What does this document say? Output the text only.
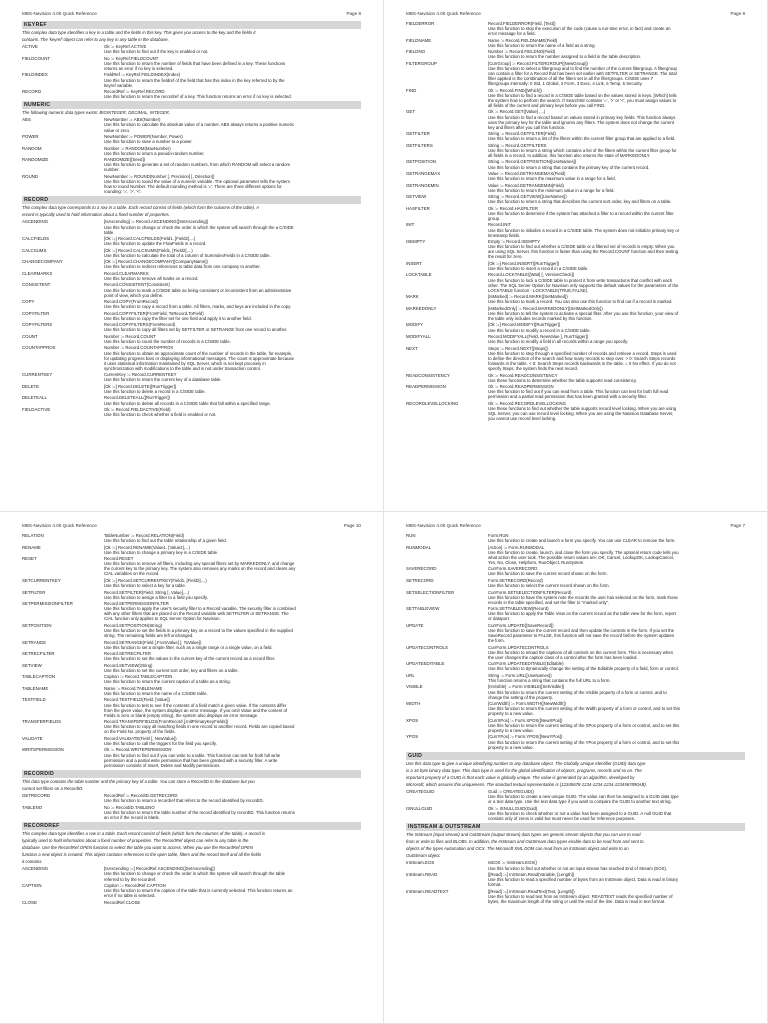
MBS-Navision 4.00 Quick Reference	Page 8
KEYREF
This complex data type identifies a key in a table and the fields in this key. This gives you access to the key and the fields it
contains. The 'keyref' object can refer to any key in any table in the database.
ACTIVE	Ok := KeyRef.ACTIVE
Use this function to find out if the key is enabled or not.
FIELDCOUNT	No := KeyRef.FIELDCOUNT
Use this function to return the number of fields that have been defined in a key. These functions
returns an error if no key is selected.
FIELDINDEX	FieldRef := KeyRef.FIELDINDEX(Index)
Use this function to return the fieldref of the field that has this index in the key referred to by the
keyref variable.
RECORD	RecordRef := KeyRef.RECORD
Use this function to return the recordref of a key. This function returns an error if no key is selected.
NUMERIC
The following numeric data types exists: BIGINTEGER, DECIMAL, INTEGER.
ABS	NewNumber := ABS(Number)
Use this function to calculate the absolute value of a number. ABS always returns a positive numeric
value or zero.
POWER	NewNumber := POWER(Number, Power)
Use this function to raise a number to a power.
RANDOM	Number := RANDOM(MaxNumber)
Use this function to return a pseudo-random number.
RANDOMIZE	RANDOMIZE([Seed])
Use this function to generate a set of random numbers, from which RANDOM will select a random
number.
ROUND	NewNumber := ROUND(Number [, Precision] [, Direction])
Use this function to round the value of a numeric variable. The optional parameter tells the system
how to round Number. The default rounding method is '='. There are three different options for
rounding: '=', '>', '<'.
RECORD
This complex data type corresponds to a row in a table. Each record consist of fields (which form the columns of the table). A
record is typically used to hold information about a fixed number of properties.
ASCENDING	[IsAscending] := Record.ASCENDING([SetAscending])
Use this function to change or check the order in which the system will search through the a C/SIDE
table.
CALCFIELDS	[Ok :=] Record.CALCFIELDS(Field1, [Field2],...)
Use this function to update the FlowFields in a record.
CALCSUMS	[Ok :=] Record.CALCSUMS(Field1, [Field2],...)
Use this function to calculate the total of a column of SumIndexFields in a C/SIDE table.
CHANGECOMPANY	[Ok :=] Record.CHANGECOMPANY([CompanyName])
Use this function to redirect references to table data from one company to another.
CLEARMARKS	Record.CLEARMARKS
Use this function to remove all marks on a record.
CONSISTENT	Record.CONSISTENT(Consistent)
Use this function to mark a C/SIDE table as being consistent or inconsistent from an administrative
point of view, which you define.
COPY	Record.COPY(FromRecord)
Use this function to copy a record from a table. All filters, marks, and keys are included in the copy.
COPYFILTER	Record.COPYFILTER(FromField, ToRecord.ToField)
Use this function to copy the filter set for one field and apply it to another field.
COPYFILTERS	Record.COPYFILTERS(FromRecord)
Use this function to copy all filters set by SETFILTER or SETRANGE from one record to another.
COUNT	Number := Record.COUNT
Use this function to count the number of records in a C/SIDE table.
COUNTAPPROX	Number := Record.COUNTAPPROX
Use this function to obtain an approximate count of the number of records in the table, for example,
for updating progress bars or displaying informational messages. The count is approximate because
it uses statistical information maintained by SQL Server, which is not kept precisely in
synchronization with modifications to the table and is not under transaction control.
CURRENTKEY	CurrentKey := Record.CURRENTKEY
Use this function to return the current key of a database table.
DELETE	[Ok :=] Record.DELETE([RunTrigger])
Use this function to delete a record in a C/SIDE table.
DELETEALL	Record.DELETEALL([RunTrigger])
Use this function to delete all records in a C/SIDE table that fall within a specified range.
FIELDACTIVE	Ok := Record.FIELDACTIVE(Field)
Use this function to check whether a field is enabled or not.
MBS-Navision 4.00 Quick Reference	Page 9
FIELDERROR	Record.FIELDERROR(Field, [Text])
Use this function to stop the execution of the code (cause a run-time error, in fact) and create an
error message for a field.
FIELDNAME	Name := Record.FIELDNAME(Field)
Use this function to return the name of a field as a string.
FIELDNO	Number := Record.FIELDNO(Field)
Use this function to return the number assigned to a field in the table description.
FILTERGROUP	[CurrGroup] := Record.FILTERGROUP([NewGroup])
Use this function to select a filtergroup and to find the number of the current filtergroup. A filtergroup
can contain a filter for a Record that has been set earlier with SETFILTER or SETRANGE. The total
filter applied is the combination of all the filters set in all the filtergroups. C/SIDE uses 7
filtergroups internally: 0 Std, 1 Global, 2 Form, 3 Exec, 4 Link, 5 Temp, 6 Security.
FIND	Ok := Record.FIND([Which])
Use this function to find a record in a C/SIDE table based on the values stored in keys. [Which] tells
the system how to perform the search. If SearchStr contains '=', '>' or '<', you must assign values to
all fields of the current and primary keys before you call FIND.
GET	Ok := Record.GET([Value] ,...)
Use this function to find a record based on values stored in primary key fields. This function always
uses the primary key for the table and ignores any filters. The system does not change the current
key and filters after you call this function.
GETFILTER	String := Record.GETFILTER(Field)
Use this function to return a list of the filters within the current filter group that are applied to a field.
GETFILTERS	String := Record.GETFILTERS
Use this function to return a string which contains a list of the filters within the current filter group for
all fields in a record. In addition, this function also returns the state of MARKEDONLY.
GETPOSITION	String := Record.GETPOSITION([UseNames])
Use this function to return a string that contains the primary key of the current record.
GETRANGEMAX	Value := Record.GETRANGEMAX(Field)
Use this function to return the maximum value in a range for a field.
GETRANGEMIN	Value := Record.GETRANGEMIN(Field)
Use this function to return the minimum value in a range for a field.
GETVIEW	String := Record.GETVIEW([UseNames])
Use this function to return a string that describes the current sort order, key and filters on a table.
HASFILTER	Ok := Record.HASFILTER
Use this function to determine if the system has attached a filter to a record within the current filter
group.
INIT	Record.INIT
Use this function to initialize a record in a C/SIDE table. The system does not initialize primary key or
timestamp fields.
ISEMPTY	Empty := Record.ISEMPTY
Use this function to find out whether a C/SIDE table or a filtered set of records is empty. When you
are using SQL Server, this function is faster than using the Record.COUNT function and then testing
the result for zero.
INSERT	[Ok :=] Record.INSERT([RunTrigger])
Use this function to insert a record in a C/SIDE table.
LOCKTABLE	Record.LOCKTABLE([Wait] [, VersionCheck])
Use this function to lock a C/SIDE table to protect it from write transactions that conflict with each
other. The SQL Server Option for Navision only supports the default values for the parameters of the
LOCKTABLE function - LOCKTABLE(TRUE,FALSE).
MARK	[IsMarked] := Record.MARK([SetMarked])
Use this function to mark a record. You can also use this function to find out if a record is marked.
MARKEDONLY	[IsMarkedOnly] := Record.MARKEDONLY([SetMarkedOnly])
Use this function to tell the system to activate a special filter. After you use this function, your view of
the table only includes records marked by this function.
MODIFY	[Ok :=] Record.MODIFY([RunTrigger])
Use this function to modify a record in a C/SIDE table.
MODIFYALL	Record.MODIFYALL(Field, NewValue [, RunTrigger])
Use this function to modify a field in all records within a range you specify.
NEXT	Steps := Record.NEXT([Steps])
Use this function to step through a specified number of records and retrieve a record. Steps is used
to define the direction of the search and how many records to step over. > 0: Search Steps records
forwards in the table. < 0: Search Steps records backwards in the table. = 0 No effect. If you do not
specify Steps, the system finds the next record.
READCONSISTENCY	Ok := Record.READCONSISTENCY
Use these functions to determine whether the table supports read consistency.
READPERMISSION	Ok := Record.READPERMISSION
Use this function to find out if you can read from a table. This function can test for both full read
permission and a partial read permission that has been granted with a security filter.
RECORDLEVELLOCKING	Ok := Record.RECORDLEVELLOCKING
Use these functions to find out whether the table supports record level locking. When you are using
SQL Server, you can use record level locking. When you are using the Navision Database Server,
you cannot use record level locking.
MBS-Navision 4.00 Quick Reference	Page 10
RELATION	TableNumber := Record.RELATION(Field)
Use this function to find out the table relationship of a given field.
RENAME	[Ok :=] Record.RENAME(Value1, [Value2],...)
Use this function to change a primary key in a C/SIDE table.
RESET	Record.RESET
Use this function to remove all filters, including any special filters set by MARKEDONLY, and change
the current key to the primary key. The system also removes any marks on the record and clears any
C/AL variables on the record.
SETCURRENTKEY	[Ok :=] Record.SETCURRENTKEY(Field1, [Field2],...)
Use this function to select a key for a table.
SETFILTER	Record.SETFILTER(Field, String [, Value],...)
Use this function to assign a filter to a field you specify.
SETPERMISSIONFILTER	Record.SETPERMISSIONFILTER
Use this function to apply the user's security filter to a Record variable. The security filter is combined
with any other filters that are placed on the Record variable with SETFILTER or SETRANGE. The
C/AL function only applies to SQL Server Option for Navision.
SETPOSITION	Record.SETPOSITION(String)
Use this function to set the fields in a primary key on a record to the values specified in the supplied
string. The remaining fields are left unchanged.
SETRANGE	Record.SETRANGE(Field [,FromValue] [, ToValue])
Use this function to set a simple filter, such as a single range or a single value, on a field.
SETRECFILTER	Record.SETRECFILTER
Use this function to set the values in the current key of the current record as a record filter.
SETVIEW	Record.SETVIEW(String)
Use this function to set the current sort order, key and filters on a table.
TABLECAPTION	Caption := Record.TABLECAPTION
Use this function to return the current caption of a table as a string.
TABLENAME	Name := Record.TABLENAME
Use this function to return the name of a C/SIDE table.
TESTFIELD	Record.TESTFIELD(Field, [Value])
Use this function to test to see if the contents of a field match a given value. If the contents differ
from the given value, the system displays an error message. If you omit Value and the content of
Fields is zero or blank (empty string), the system also displays an error message.
TRANSFERFIELDS	Record.TRANSFERFIELDS(FromRecord [,InitPrimaryKeyFields])
Use this function to copy all matching fields in one record to another record. Fields are copied based
on the Field No. property of the fields.
VALIDATE	Record.VALIDATE(Field [, NewValue])
Use this function to call the triggers for the field you specify.
WRITEPERMISSION	Ok := Record.WRITEPERMISSION
Use this function to find out if you can write to a table. This function can test for both full write
permission and a partial write permission that has been granted with a security filter. A write
permission consists of Insert, Delete and Modify permissions.
RECORDID
This data type contains the table number and the primary key of a table. You can store a RecordID in the database but you
cannot set filters on a RecordID.
GETRECORD	RecordRef := RecordID.GETRECORD
Use this function to return a recordref that refers to the record identified by recordID.
TABLENO	No := RecordID.TABLENO
Use this function to return the table number of the record identified by recordID. This function returns
an error if the record is blank.
RECORDREF
This complex data type identifies a row in a table. Each record consist of fields (which form the columns of the table). A record is
typically used to hold information about a fixed number of properties. The RecordRef object can refer to any table in the
database. Use the RecordRef.OPEN function to select the table you want to access. When you use the RecordRef.OPEN
function a new object is created. This object contains references to the open table, filters and the record itself and all the fields
it contains.
ASCENDING	[IsAscending :=] RecordRef.ASCENDING([SetAscending])
Use this function to change or check the order in which the system will search through the table
referred to by the recordref.
CAPTION	Caption := RecordRef.CAPTION
Use this function to return the caption of the table that is currently selected. This function returns an
error if no table is selected.
CLOSE	RecordRef.CLOSE
MBS-Navision 4.00 Quick Reference	Page 7
RUN	Form.RUN
Use this function to create and launch a form you specify. You can use CLEAR to remove the form.
RUNMODAL	[Action] := Form.RUNMODAL
Use this function to create, launch, and close the form you specify. The optional return code tells you
what action the user took. The possible return values are: OK, Cancel, LookupOK, LookupCancel,
Yes, No, Close, Helpform, RunObject, RunSystem.
SAVERECORD	CurrForm.SAVERECORD
Use this function to save the current record shown on the form.
SETRECORD	Form.SETRECORD(Record)
Use this function to select the current record shown on the form.
SETSELECTIONFILTER	CurrForm.SETSELECTIONFILTER(Record)
Use this function to have the system note the records the user has selected on the form, mark those
records in the table specified, and set the filter to "marked only".
SETTABLEVIEW	Form.SETTABLEVIEW(Record)
Use this function to apply the Table View on the current record as the table view for the form, report
or dataport.
UPDATE	CurrForm.UPDATE([SaveRecord])
Use this function to save the current record and then update the controls in the form. If you set the
SaveRecord parameter to FALSE, this function will not save the record before the system updates
the form.
UPDATECONTROLS	CurrForm.UPDATECONTROLS
Use this function to reload the captions of all controls on the current form. This is necessary when
the user changes the caption class of a control after the form has been loaded.
UPDATEEDITABLE	CurrForm.UPDATEEDITABLE(Editable)
Use this function to dynamically change the setting of the Editable property of a field, form or control.
URL	String := Form.URL([UseNames])
This function returns a string that contains the full URL to a form.
VISIBLE	[IsVisible] := Form.VISIBLE([SetVisible])
Use this function to return the current setting of the Visible property of a form or control, and to
change the setting of the property.
WIDTH	[CurrWidth] := Form.WIDTH([NewWidth])
Use this function to return the current setting of the Width property of a form or control, and to set this
property to a new value.
XPOS	[CurrXPos] := Form.XPOS([NewXPos])
Use this function to return the current setting of the XPos property of a form or control, and to set this
property to a new value.
YPOS	[CurrYPos] := Form.YPOS([NewYPos])
Use this function to return the current setting of the YPos property of a form or control, and to set this
property to a new value.
GUID
Use this data type to give a unique identifying number to any database object. The Globally Unique Identifier (GUID) data type
is a 16 byte binary data type. This data type is used for the global identification of objects, programs, records and so on. The
important property of a GUID is that each value is globally unique. The value is generated by an algorithm, developed by
Microsoft, which assures this uniqueness. The standard textual representation is {12345678-1234-1234-1234-1234567890AB}.
CREATEGUID	Guid := CREATEGUID()
Use this function to create a new unique GUID. The value can then be assigned to a GUID data type
or a text data type. Use the text data type if you want to compare the GUID to another text string.
ISNULLGUID	Ok := ISNULLGUID(Guid)
Use this function to check whether or not a value has been assigned to a GUID. A null GUID that
consists only of zeros is valid but must never be used for reference purposes.
INSTREAM & OUTSTREAM
The InStream (input stream) and OutStream (output stream) data types are generic stream objects that you can use to read
from or write to files and BLOBs. In addition, the InStream and OutStream data types enable data to be read from and sent to
objects of the types Automation and OCX. The Microsoft XML DOM can read from an InStream object and write to an
OutStream object.
InStream.EOS	IsEOS := InStream.EOS()
Use this function to find out whether or not an input stream has reached End of Stream (EOS).
InStream.READ	[[Read] :=] InStream.Read(Variable, [Length])
Use this function to read a specified number of bytes from an InStream object. Data is read in binary
format.
InStream.READTEXT	[[Read] :=] InStream.ReadText(Text, [Length])
Use this function to read text from an InStream object. READTEXT reads the specified number of
bytes, the maximum length of the string or until the end of the line. Data is read in text format.
